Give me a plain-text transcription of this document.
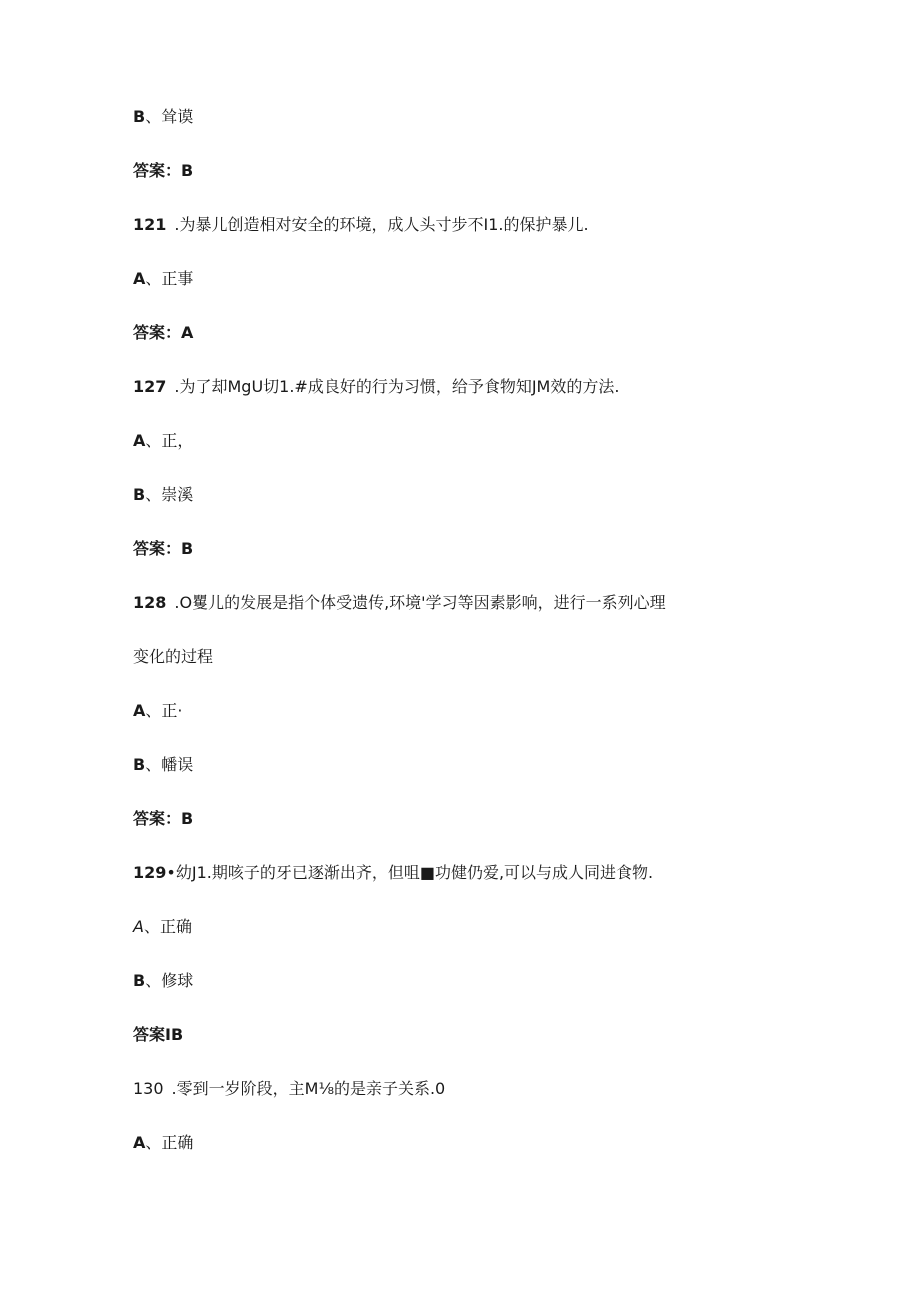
B、耸谟
答案：B
121 .为暴儿创造相对安全的环境，成人头寸步不I1.的保护暴儿.
A、正事
答案：A
127 .为了却MgU切1.#成良好的行为习惯，给予食物知JM效的方法.
A、正，
B、崇溪
答案：B
128 .O矍儿的发展是指个体受遗传,环境'学习等因素影响，进行一系列心理
变化的过程
A、正·
B、幡误
答案：B
129•幼J1.期咳子的牙已逐渐出齐，但咀■功健仍爱,可以与成人同进食物.
A、正确
B、修球
答案IB
130 .零到一岁阶段，主M⅛的是亲子关系.0
A、正确
